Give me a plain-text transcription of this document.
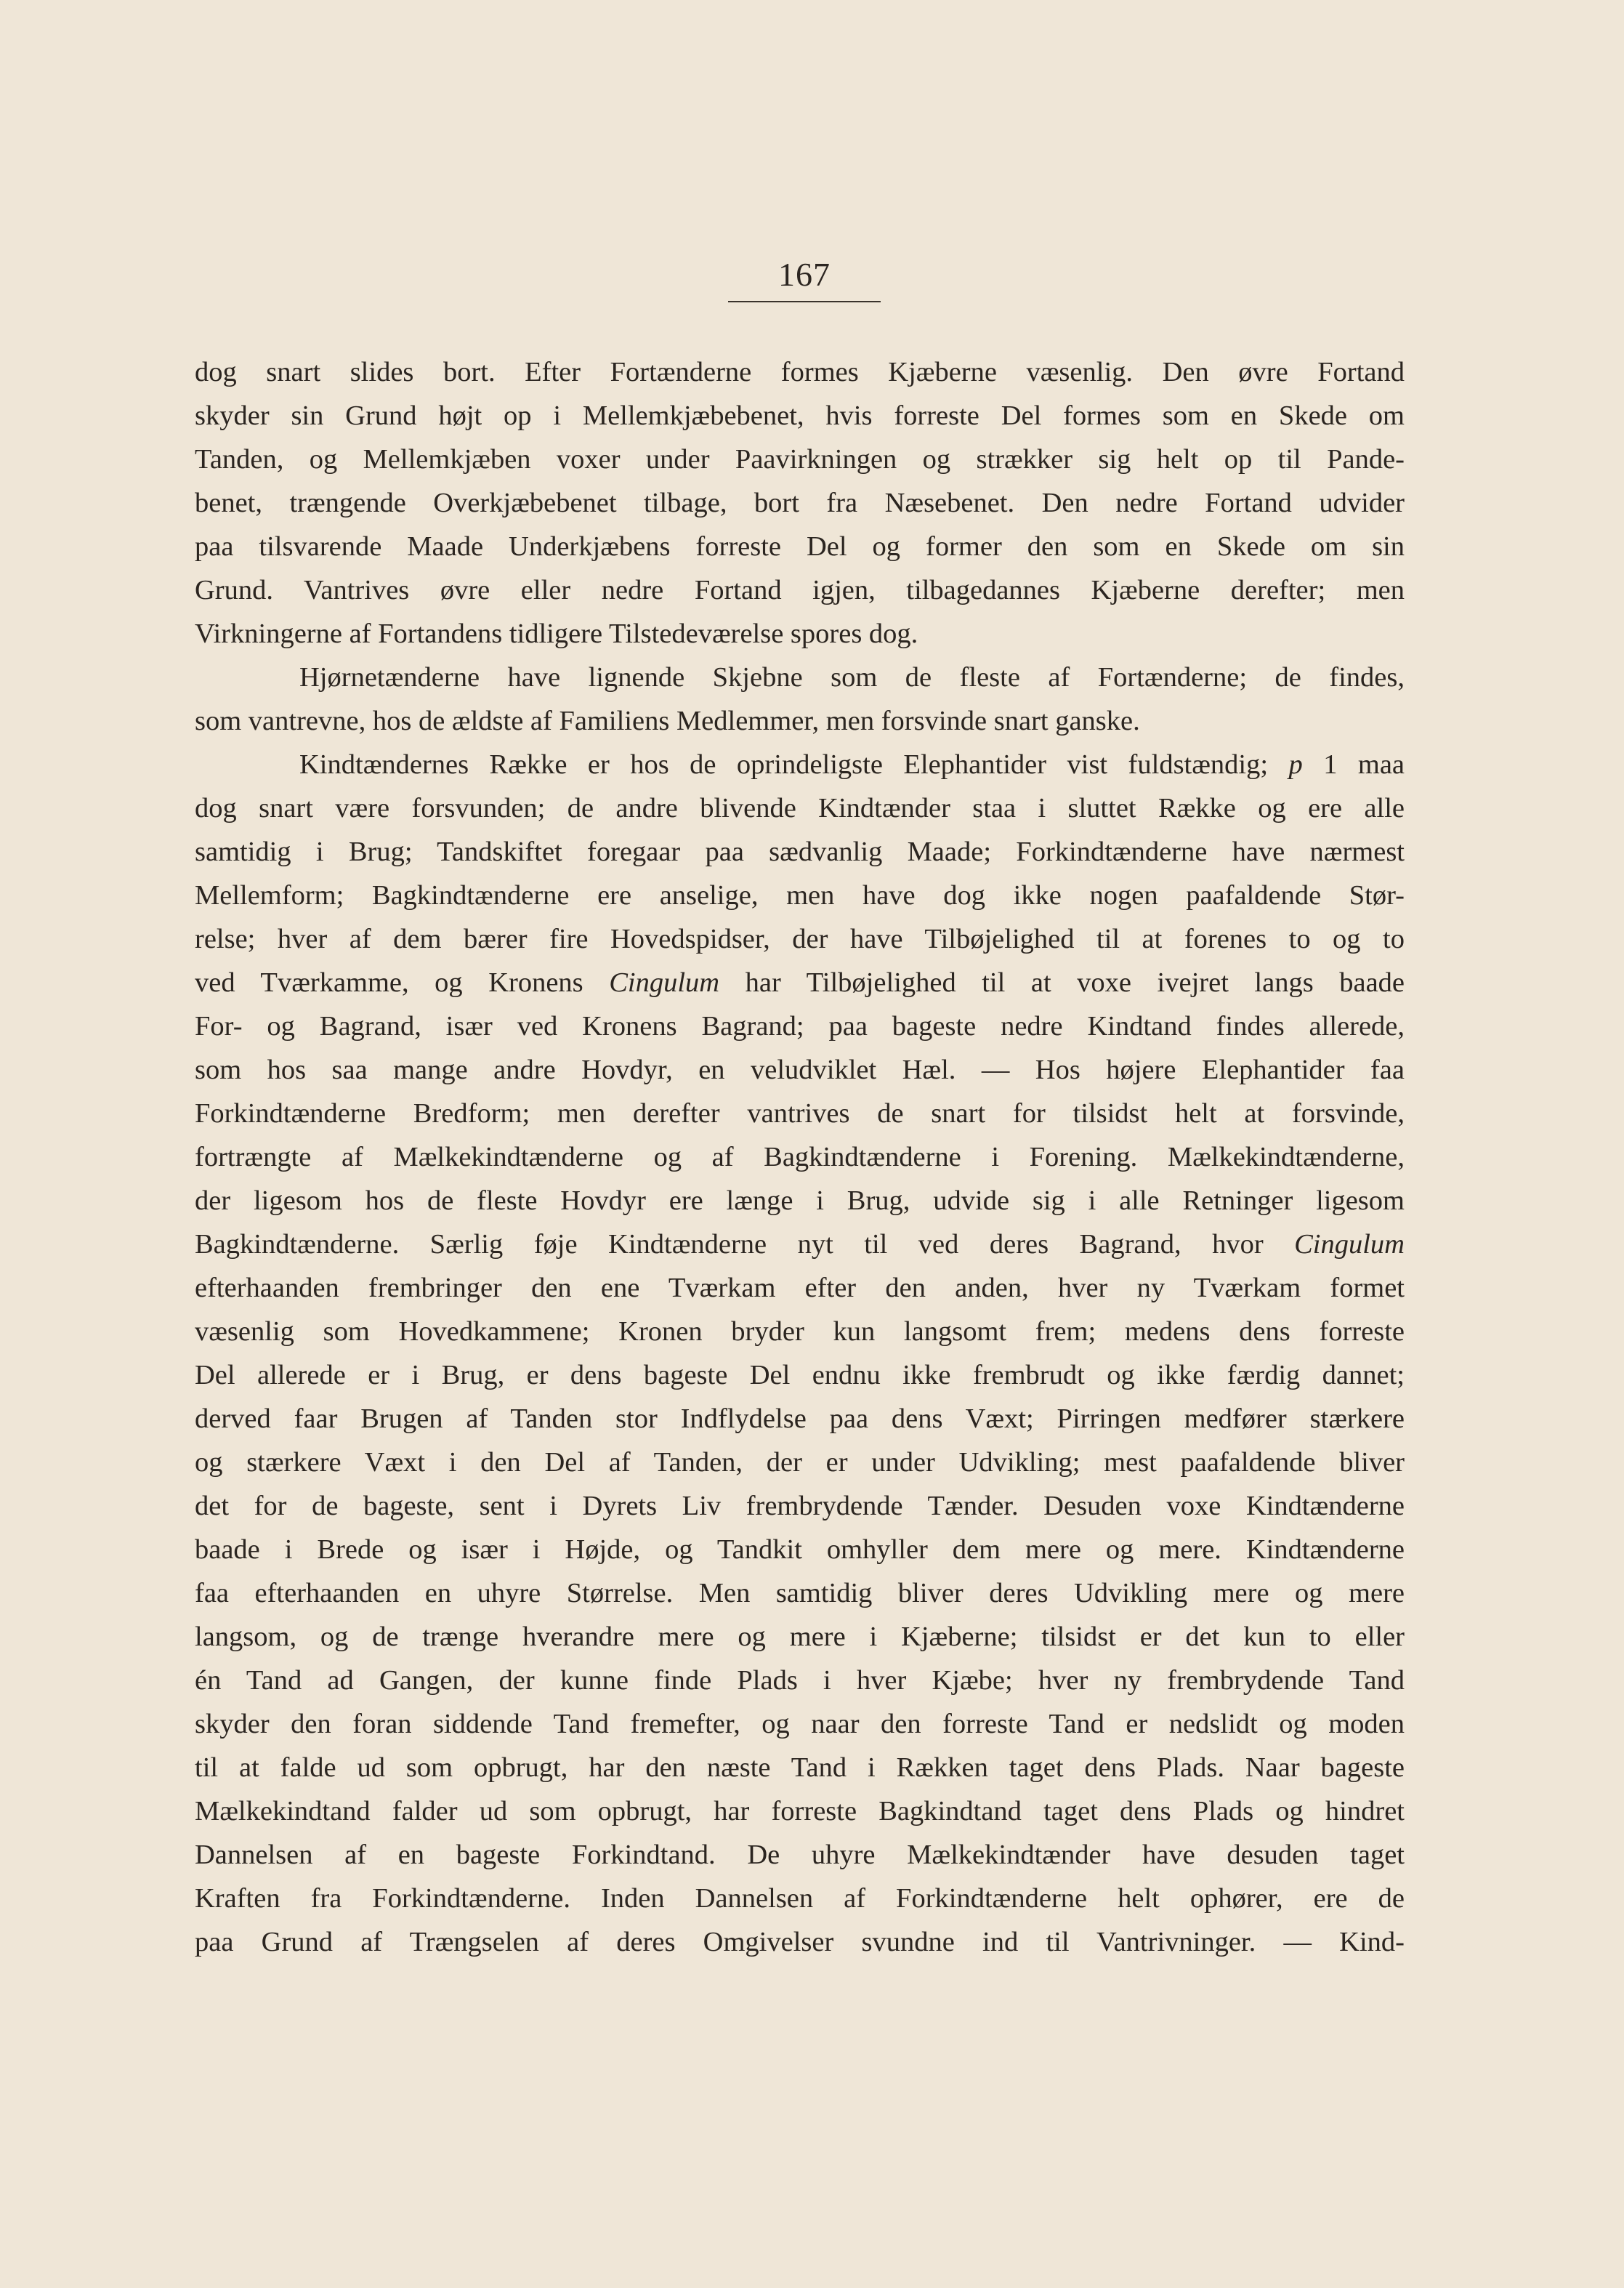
167
dog snart slides bort. Efter Fortænderne formes Kjæberne væsenlig. Den øvre Fortand
skyder sin Grund højt op i Mellemkjæbebenet, hvis forreste Del formes som en Skede om
Tanden, og Mellemkjæben voxer under Paavirkningen og strækker sig helt op til Pande-
benet, trængende Overkjæbebenet tilbage, bort fra Næsebenet. Den nedre Fortand udvider
paa tilsvarende Maade Underkjæbens forreste Del og former den som en Skede om sin
Grund. Vantrives øvre eller nedre Fortand igjen, tilbagedannes Kjæberne derefter; men
Virkningerne af Fortandens tidligere Tilstedeværelse spores dog.
Hjørnetænderne have lignende Skjebne som de fleste af Fortænderne; de findes,
som vantrevne, hos de ældste af Familiens Medlemmer, men forsvinde snart ganske.
Kindtændernes Række er hos de oprindeligste Elephantider vist fuldstændig; p 1 maa
dog snart være forsvunden; de andre blivende Kindtænder staa i sluttet Række og ere alle
samtidig i Brug; Tandskiftet foregaar paa sædvanlig Maade; Forkindtænderne have nærmest
Mellemform; Bagkindtænderne ere anselige, men have dog ikke nogen paafaldende Stør-
relse; hver af dem bærer fire Hovedspidser, der have Tilbøjelighed til at forenes to og to
ved Tværkamme, og Kronens Cingulum har Tilbøjelighed til at voxe ivejret langs baade
For- og Bagrand, især ved Kronens Bagrand; paa bageste nedre Kindtand findes allerede,
som hos saa mange andre Hovdyr, en veludviklet Hæl. — Hos højere Elephantider faa
Forkindtænderne Bredform; men derefter vantrives de snart for tilsidst helt at forsvinde,
fortrængte af Mælkekindtænderne og af Bagkindtænderne i Forening. Mælkekindtænderne,
der ligesom hos de fleste Hovdyr ere længe i Brug, udvide sig i alle Retninger ligesom
Bagkindtænderne. Særlig føje Kindtænderne nyt til ved deres Bagrand, hvor Cingulum
efterhaanden frembringer den ene Tværkam efter den anden, hver ny Tværkam formet
væsenlig som Hovedkammene; Kronen bryder kun langsomt frem; medens dens forreste
Del allerede er i Brug, er dens bageste Del endnu ikke frembrudt og ikke færdig dannet;
derved faar Brugen af Tanden stor Indflydelse paa dens Væxt; Pirringen medfører stærkere
og stærkere Væxt i den Del af Tanden, der er under Udvikling; mest paafaldende bliver
det for de bageste, sent i Dyrets Liv frembrydende Tænder. Desuden voxe Kindtænderne
baade i Brede og især i Højde, og Tandkit omhyller dem mere og mere. Kindtænderne
faa efterhaanden en uhyre Størrelse. Men samtidig bliver deres Udvikling mere og mere
langsom, og de trænge hverandre mere og mere i Kjæberne; tilsidst er det kun to eller
én Tand ad Gangen, der kunne finde Plads i hver Kjæbe; hver ny frembrydende Tand
skyder den foran siddende Tand fremefter, og naar den forreste Tand er nedslidt og moden
til at falde ud som opbrugt, har den næste Tand i Rækken taget dens Plads. Naar bageste
Mælkekindtand falder ud som opbrugt, har forreste Bagkindtand taget dens Plads og hindret
Dannelsen af en bageste Forkindtand. De uhyre Mælkekindtænder have desuden taget
Kraften fra Forkindtænderne. Inden Dannelsen af Forkindtænderne helt ophører, ere de
paa Grund af Trængselen af deres Omgivelser svundne ind til Vantrivninger. — Kind-
